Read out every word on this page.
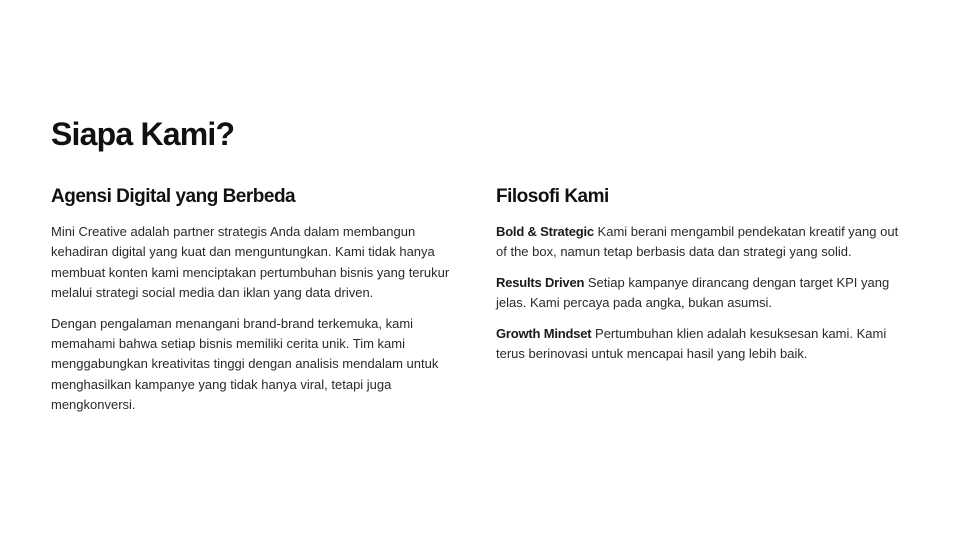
Siapa Kami?
Agensi Digital yang Berbeda

Mini Creative adalah partner strategis Anda dalam membangun kehadiran digital yang kuat dan menguntungkan. Kami tidak hanya membuat konten kami menciptakan pertumbuhan bisnis yang terukur melalui strategi social media dan iklan yang data driven.

Dengan pengalaman menangani brand-brand terkemuka, kami memahami bahwa setiap bisnis memiliki cerita unik. Tim kami menggabungkan kreativitas tinggi dengan analisis mendalam untuk menghasilkan kampanye yang tidak hanya viral, tetapi juga mengkonversi.

Filosofi Kami

Bold & Strategic Kami berani mengambil pendekatan kreatif yang out of the box, namun tetap berbasis data dan strategi yang solid.

Results Driven Setiap kampanye dirancang dengan target KPI yang jelas. Kami percaya pada angka, bukan asumsi.

Growth Mindset Pertumbuhan klien adalah kesuksesan kami. Kami terus berinovasi untuk mencapai hasil yang lebih baik.
